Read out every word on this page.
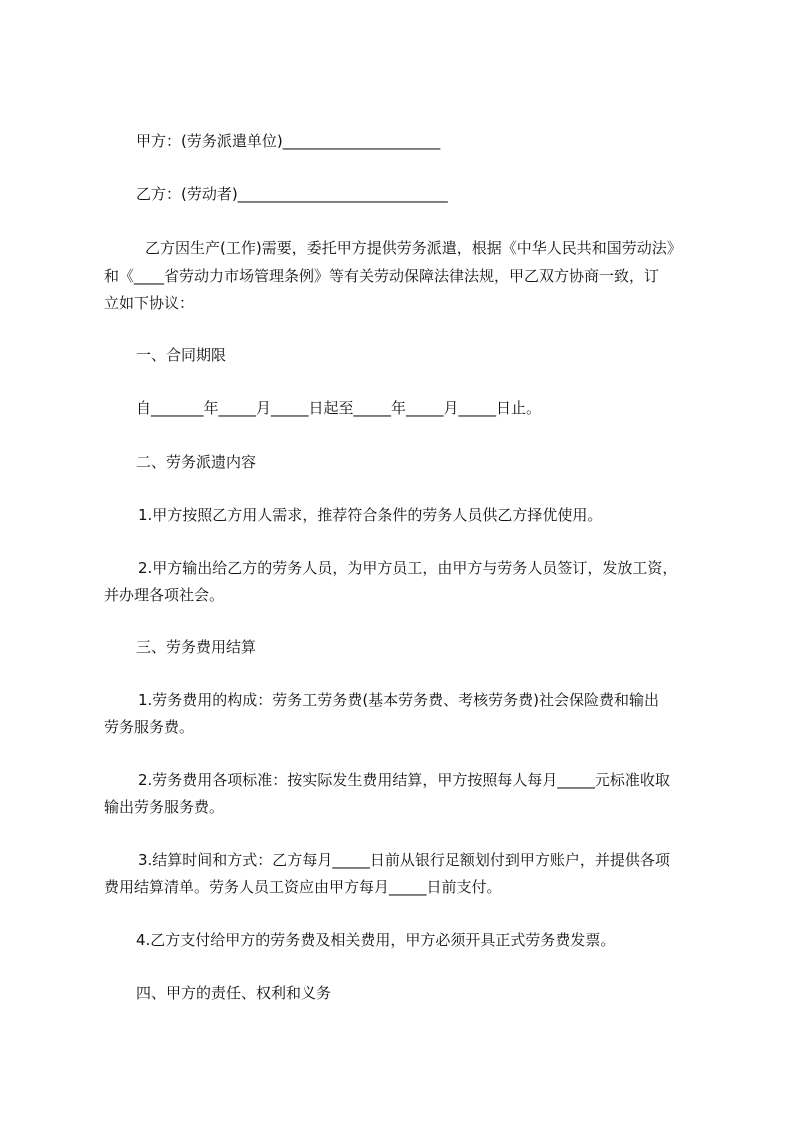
甲方：(劳务派遣单位)_____________________

乙方：(劳动者)____________________________

乙方因生产(工作)需要，委托甲方提供劳务派遣，根据《中华人民共和国劳动法》

和《____省劳动力市场管理条例》等有关劳动保障法律法规，甲乙双方协商一致，订

立如下协议：

一、合同期限

自_______年_____月_____日起至_____年_____月_____日止。

二、劳务派遗内容

1.甲方按照乙方用人需求，推荐符合条件的劳务人员供乙方择优使用。

2.甲方输出给乙方的劳务人员，为甲方员工，由甲方与劳务人员签订，发放工资，

并办理各项社会。

三、劳务费用结算

1.劳务费用的构成：劳务工劳务费(基本劳务费、考核劳务费)社会保险费和输出

劳务服务费。

2.劳务费用各项标准：按实际发生费用结算，甲方按照每人每月_____元标准收取

输出劳务服务费。

3.结算时间和方式：乙方每月_____日前从银行足额划付到甲方账户，并提供各项

费用结算清单。劳务人员工资应由甲方每月_____日前支付。

4.乙方支付给甲方的劳务费及相关费用，甲方必须开具正式劳务费发票。

四、甲方的责任、权利和义务
